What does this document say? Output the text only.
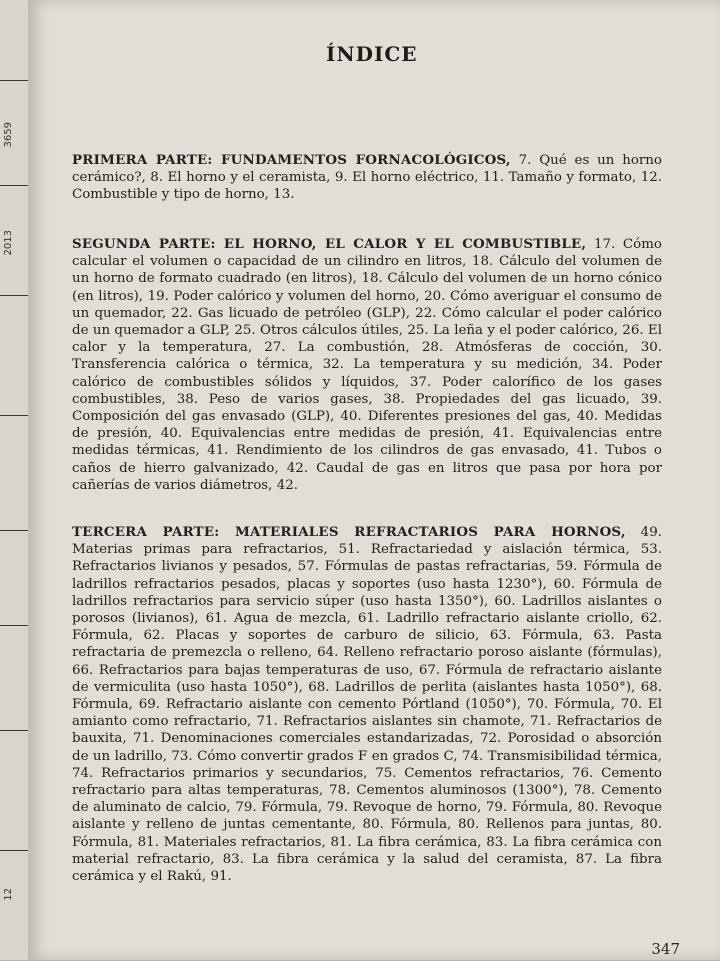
3659
2013
12
ÍNDICE
PRIMERA PARTE: FUNDAMENTOS FORNACOLÓGICOS, 7. Qué es un horno cerámico?, 8. El horno y el ceramista, 9. El horno eléctrico, 11. Tamaño y formato, 12. Combustible y tipo de horno, 13.
SEGUNDA PARTE: EL HORNO, EL CALOR Y EL COMBUSTIBLE, 17. Cómo calcular el volumen o capacidad de un cilindro en litros, 18. Cálculo del volumen de un horno de formato cuadrado (en litros), 18. Cálculo del volumen de un horno cónico (en litros), 19. Poder calórico y volumen del horno, 20. Cómo averiguar el consumo de un quemador, 22. Gas licuado de petróleo (GLP), 22. Cómo calcular el poder calórico de un quemador a GLP, 25. Otros cálculos útiles, 25. La leña y el poder calórico, 26. El calor y la temperatura, 27. La combustión, 28. Atmósferas de cocción, 30. Transferencia calórica o térmica, 32. La temperatura y su medición, 34. Poder calórico de combustibles sólidos y líquidos, 37. Poder calorífico de los gases combustibles, 38. Peso de varios gases, 38. Propiedades del gas licuado, 39. Composición del gas envasado (GLP), 40. Diferentes presiones del gas, 40. Medidas de presión, 40. Equivalencias entre medidas de presión, 41. Equivalencias entre medidas térmicas, 41. Rendimiento de los cilindros de gas envasado, 41. Tubos o caños de hierro galvanizado, 42. Caudal de gas en litros que pasa por hora por cañerías de varios diámetros, 42.
TERCERA PARTE: MATERIALES REFRACTARIOS PARA HORNOS, 49. Materias primas para refractarios, 51. Refractariedad y aislación térmica, 53. Refractarios livianos y pesados, 57. Fórmulas de pastas refractarias, 59. Fórmula de ladrillos refractarios pesados, placas y soportes (uso hasta 1230°), 60. Fórmula de ladrillos refractarios para servicio súper (uso hasta 1350°), 60. Ladrillos aislantes o porosos (livianos), 61. Agua de mezcla, 61. Ladrillo refractario aislante criollo, 62. Fórmula, 62. Placas y soportes de carburo de silicio, 63. Fórmula, 63. Pasta refractaria de premezcla o relleno, 64. Relleno refractario poroso aislante (fórmulas), 66. Refractarios para bajas temperaturas de uso, 67. Fórmula de refractario aislante de vermiculita (uso hasta 1050°), 68. Ladrillos de perlita (aislantes hasta 1050°), 68. Fórmula, 69. Refractario aislante con cemento Pórtland (1050°), 70. Fórmula, 70. El amianto como refractario, 71. Refractarios aislantes sin chamote, 71. Refractarios de bauxita, 71. Denominaciones comerciales estandarizadas, 72. Porosidad o absorción de un ladrillo, 73. Cómo convertir grados F en grados C, 74. Transmisibilidad térmica, 74. Refractarios primarios y secundarios, 75. Cementos refractarios, 76. Cemento refractario para altas temperaturas, 78. Cementos aluminosos (1300°), 78. Cemento de aluminato de calcio, 79. Fórmula, 79. Revoque de horno, 79. Fórmula, 80. Revoque aislante y relleno de juntas cementante, 80. Fórmula, 80. Rellenos para juntas, 80. Fórmula, 81. Materiales refractarios, 81. La fibra cerámica, 83. La fibra cerámica con material refractario, 83. La fibra cerámica y la salud del ceramista, 87. La fibra cerámica y el Rakú, 91.
347
